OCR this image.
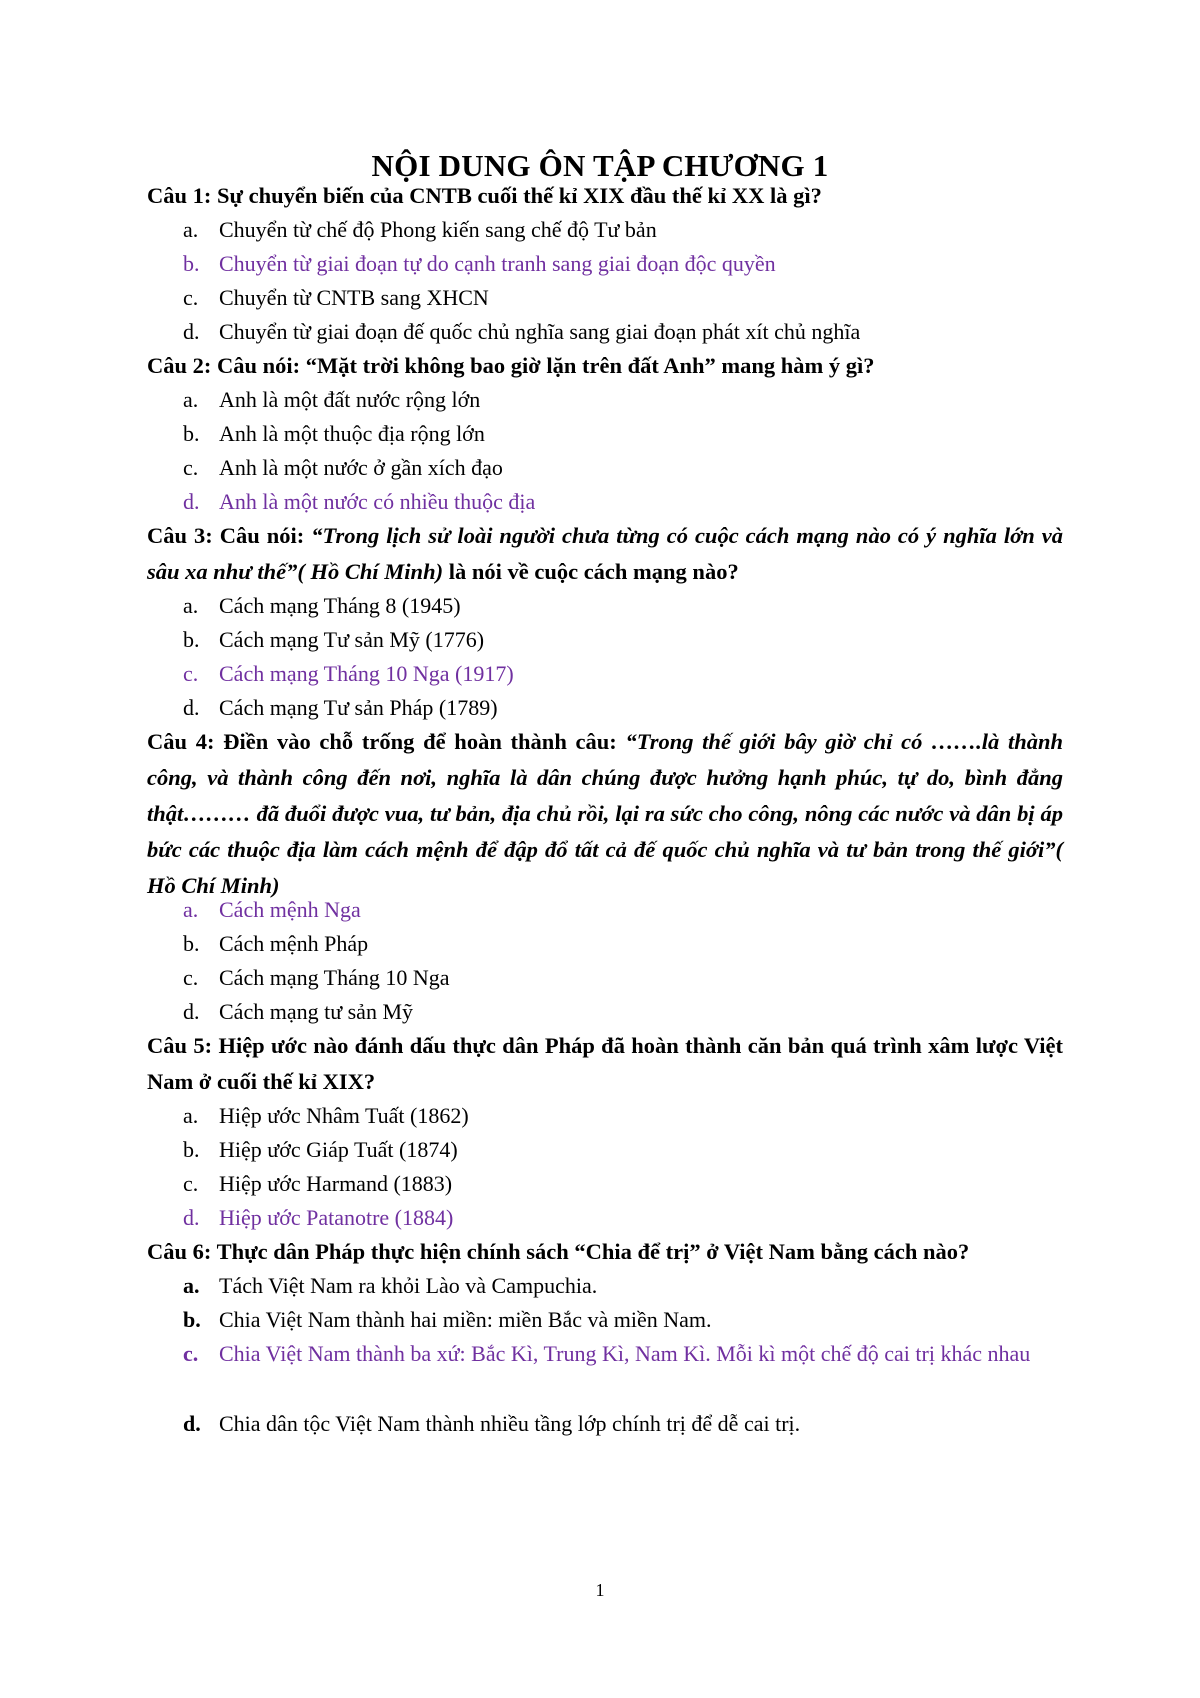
NỘI DUNG ÔN TẬP CHƯƠNG 1
Câu 1: Sự chuyển biến của CNTB cuối thế kỉ XIX đầu thế kỉ XX là gì?
a. Chuyển từ chế độ Phong kiến sang chế độ Tư bản
b. Chuyển từ giai đoạn tự do cạnh tranh sang giai đoạn độc quyền
c. Chuyển từ CNTB sang XHCN
d. Chuyển từ giai đoạn đế quốc chủ nghĩa sang giai đoạn phát xít chủ nghĩa
Câu 2: Câu nói: “Mặt trời không bao giờ lặn trên đất Anh” mang hàm ý gì?
a. Anh là một đất nước rộng lớn
b. Anh là một thuộc địa rộng lớn
c. Anh là một nước ở gần xích đạo
d. Anh là một nước có nhiều thuộc địa
Câu 3: Câu nói: “Trong lịch sử loài người chưa từng có cuộc cách mạng nào có ý nghĩa lớn và sâu xa như thế”( Hồ Chí Minh) là nói về cuộc cách mạng nào?
a. Cách mạng Tháng 8 (1945)
b. Cách mạng Tư sản Mỹ (1776)
c. Cách mạng Tháng 10 Nga (1917)
d. Cách mạng Tư sản Pháp (1789)
Câu 4: Điền vào chỗ trống để hoàn thành câu: “Trong thế giới bây giờ chỉ có …….là thành công, và thành công đến nơi, nghĩa là dân chúng được hưởng hạnh phúc, tự do, bình đẳng thật……… đã đuổi được vua, tư bản, địa chủ rồi, lại ra sức cho công, nông các nước và dân bị áp bức các thuộc địa làm cách mệnh để đập đổ tất cả đế quốc chủ nghĩa và tư bản trong thế giới”( Hồ Chí Minh)
a. Cách mệnh Nga
b. Cách mệnh Pháp
c. Cách mạng Tháng 10 Nga
d. Cách mạng tư sản Mỹ
Câu 5: Hiệp ước nào đánh dấu thực dân Pháp đã hoàn thành căn bản quá trình xâm lược Việt Nam ở cuối thế kỉ XIX?
a. Hiệp ước Nhâm Tuất (1862)
b. Hiệp ước Giáp Tuất (1874)
c. Hiệp ước Harmand (1883)
d. Hiệp ước Patanotre (1884)
Câu 6: Thực dân Pháp thực hiện chính sách “Chia để trị” ở Việt Nam bằng cách nào?
a.Tách Việt Nam ra khỏi Lào và Campuchia.
b. Chia Việt Nam thành hai miền: miền Bắc và miền Nam.
c. Chia Việt Nam thành ba xứ: Bắc Kì, Trung Kì, Nam Kì. Mỗi kì một chế độ cai trị khác nhau
d. Chia dân tộc Việt Nam thành nhiều tầng lớp chính trị để dễ cai trị.
1
